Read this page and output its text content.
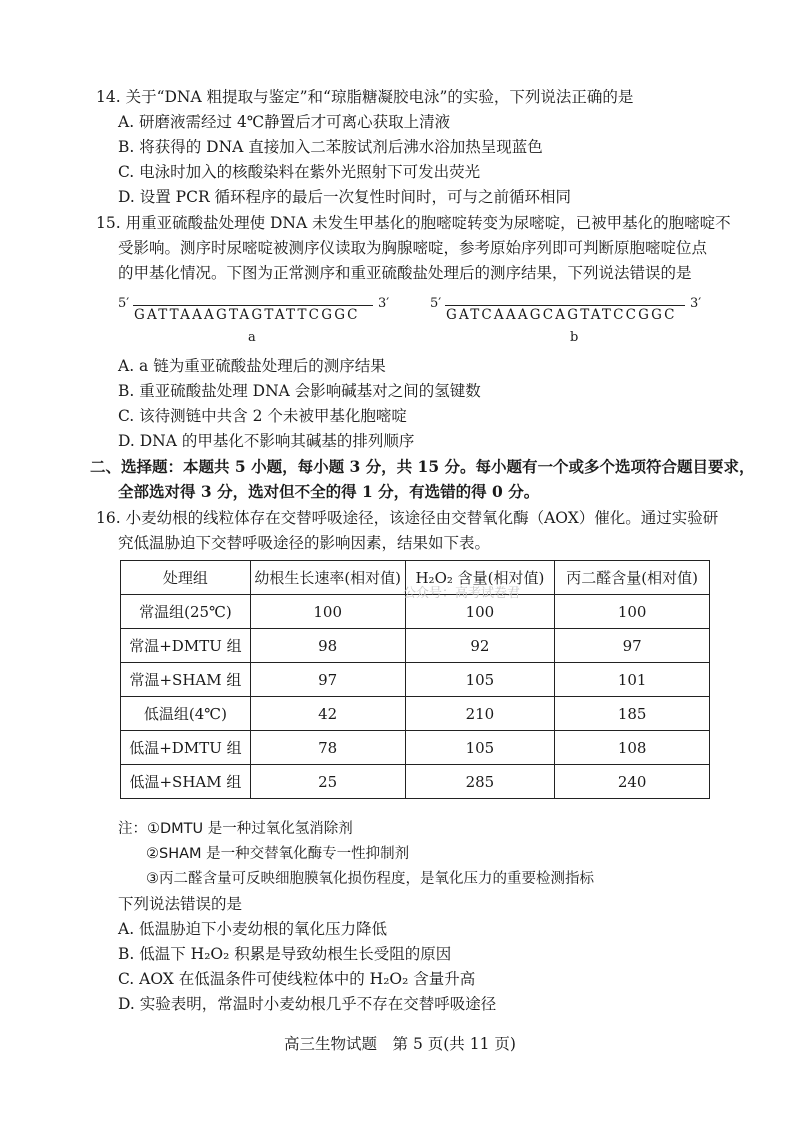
14. 关于“DNA 粗提取与鉴定”和“琼脂糖凝胶电泳”的实验，下列说法正确的是
A. 研磨液需经过 4℃静置后才可离心获取上清液
B. 将获得的 DNA 直接加入二苯胺试剂后沸水浴加热呈现蓝色
C. 电泳时加入的核酸染料在紫外光照射下可发出荧光
D. 设置 PCR 循环程序的最后一次复性时间时，可与之前循环相同
15. 用重亚硫酸盐处理使 DNA 未发生甲基化的胞嘧啶转变为尿嘧啶，已被甲基化的胞嘧啶不
受影响。测序时尿嘧啶被测序仪读取为胸腺嘧啶，参考原始序列即可判断原胞嘧啶位点
的甲基化情况。下图为正常测序和重亚硫酸盐处理后的测序结果，下列说法错误的是
5′	3′
GATTAAAGTAGTATTCGGC
a
5′	3′
GATCAAAGCAGTATCCGGC
b
A. a 链为重亚硫酸盐处理后的测序结果
B. 重亚硫酸盐处理 DNA 会影响碱基对之间的氢键数
C. 该待测链中共含 2 个未被甲基化胞嘧啶
D. DNA 的甲基化不影响其碱基的排列顺序
二、选择题：本题共 5 小题，每小题 3 分，共 15 分。每小题有一个或多个选项符合题目要求，
全部选对得 3 分，选对但不全的得 1 分，有选错的得 0 分。
16. 小麦幼根的线粒体存在交替呼吸途径，该途径由交替氧化酶（AOX）催化。通过实验研
究低温胁迫下交替呼吸途径的影响因素，结果如下表。
处理组	幼根生长速率(相对值)	H₂O₂ 含量(相对值)	丙二醛含量(相对值)
常温组(25℃)	100	100	100
常温+DMTU 组	98	92	97
常温+SHAM 组	97	105	101
低温组(4℃)	42	210	185
低温+DMTU 组	78	105	108
低温+SHAM 组	25	285	240
公众号：高考试卷君
注：①DMTU 是一种过氧化氢消除剂
②SHAM 是一种交替氧化酶专一性抑制剂
③丙二醛含量可反映细胞膜氧化损伤程度，是氧化压力的重要检测指标
下列说法错误的是
A. 低温胁迫下小麦幼根的氧化压力降低
B. 低温下 H₂O₂ 积累是导致幼根生长受阻的原因
C. AOX 在低温条件可使线粒体中的 H₂O₂ 含量升高
D. 实验表明，常温时小麦幼根几乎不存在交替呼吸途径
高三生物试题　第 5 页(共 11 页)
